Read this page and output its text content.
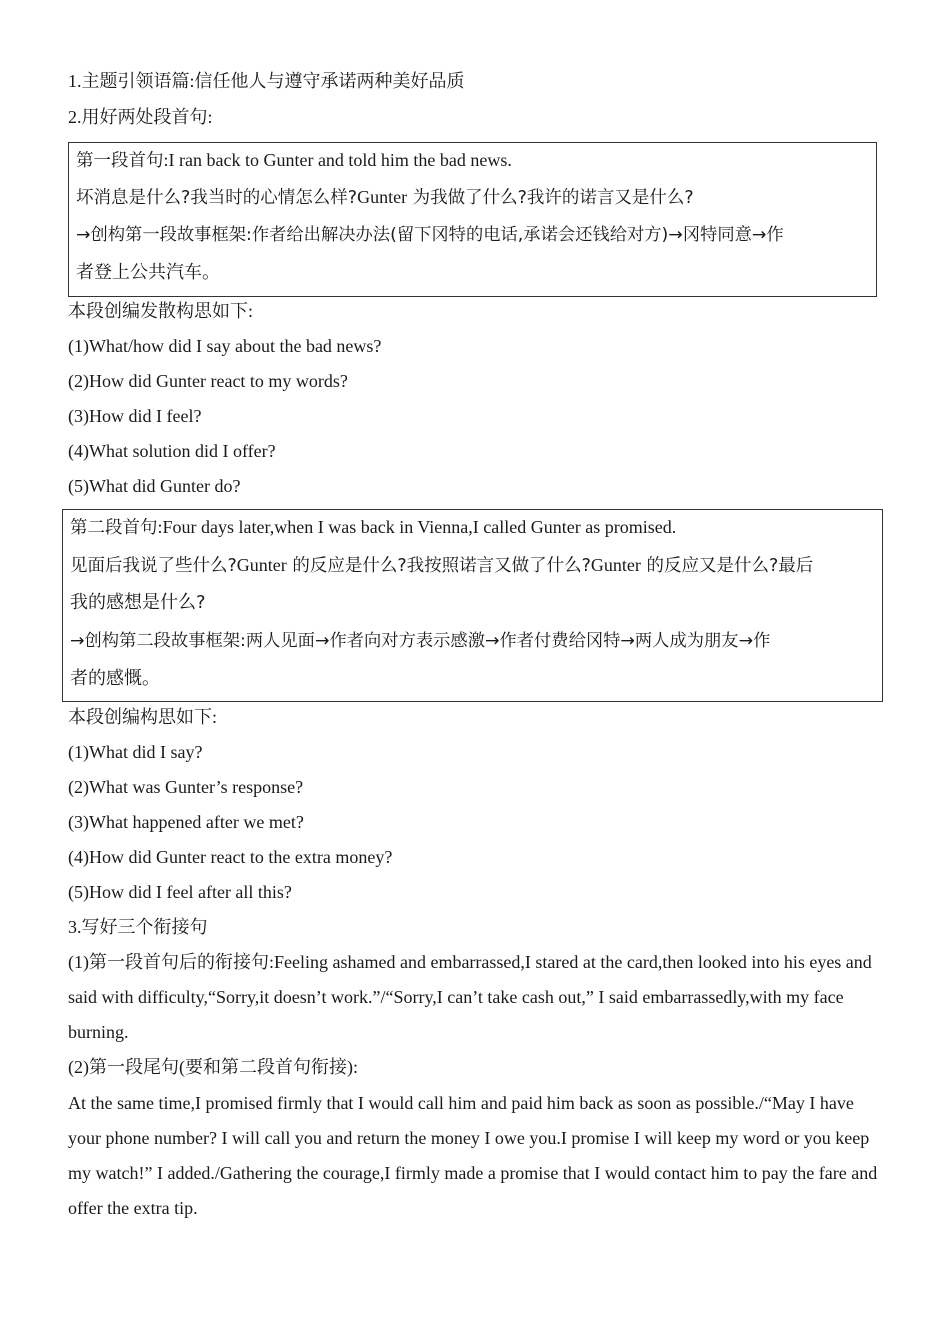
1.主题引领语篇:信任他人与遵守承诺两种美好品质
2.用好两处段首句:
第一段首句:I ran back to Gunter and told him the bad news.
坏消息是什么?我当时的心情怎么样?Gunter 为我做了什么?我许的诺言又是什么?
→创构第一段故事框架:作者给出解决办法(留下冈特的电话,承诺会还钱给对方)→冈特同意→作
者登上公共汽车。
本段创编发散构思如下:
(1)What/how did I say about the bad news?
(2)How did Gunter react to my words?
(3)How did I feel?
(4)What solution did I offer?
(5)What did Gunter do?
第二段首句:Four days later,when I was back in Vienna,I called Gunter as promised.
见面后我说了些什么?Gunter 的反应是什么?我按照诺言又做了什么?Gunter 的反应又是什么?最后
我的感想是什么?
→创构第二段故事框架:两人见面→作者向对方表示感激→作者付费给冈特→两人成为朋友→作
者的感慨。
本段创编构思如下:
(1)What did I say?
(2)What was Gunter’s response?
(3)What happened after we met?
(4)How did Gunter react to the extra money?
(5)How did I feel after all this?
3.写好三个衔接句
(1)第一段首句后的衔接句:Feeling ashamed and embarrassed,I stared at the card,then looked into his eyes and said with difficulty,“Sorry,it doesn’t work.”/“Sorry,I can’t take cash out,” I said embarrassedly,with my face burning.
(2)第一段尾句(要和第二段首句衔接):
At the same time,I promised firmly that I would call him and paid him back as soon as possible./“May I have your phone number? I will call you and return the money I owe you.I promise I will keep my word or you keep my watch!” I added./Gathering the courage,I firmly made a promise that I would contact him to pay the fare and offer the extra tip.
